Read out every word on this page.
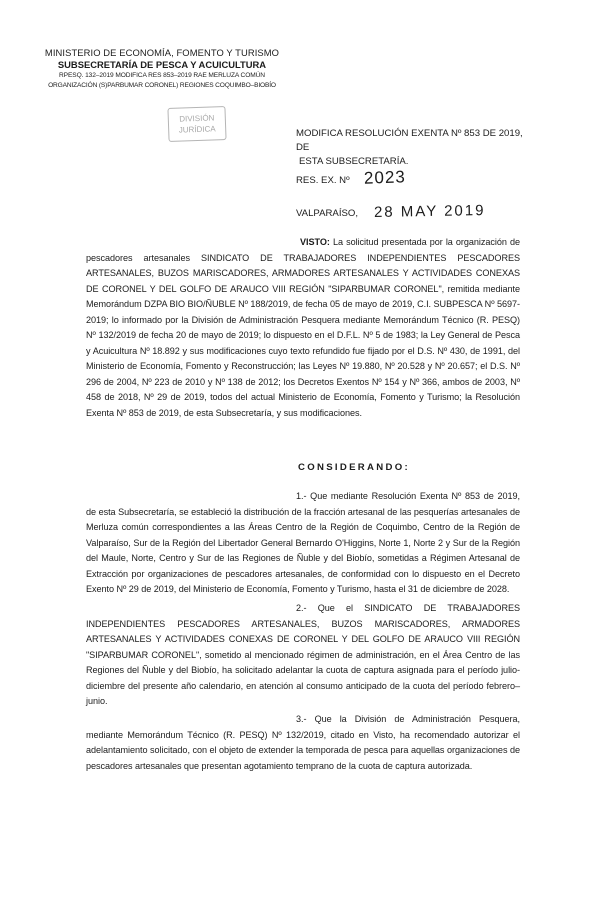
MINISTERIO DE ECONOMÍA, FOMENTO Y TURISMO
SUBSECRETARÍA DE PESCA Y ACUICULTURA
RPESQ. 132–2019 MODIFICA RES 853–2019 RAE MERLUZA COMÚN
ORGANIZACIÓN (S)PARBUMAR CORONEL) REGIONES COQUIMBO–BIOBÍO
DIVISIÓN
JURÍDICA	MODIFICA RESOLUCIÓN EXENTA Nº 853 DE 2019, DE
ESTA SUBSECRETARÍA.
RES. EX. Nº 2023
VALPARAÍSO, 28 MAY 2019
VISTO: La solicitud presentada por la organización de pescadores artesanales SINDICATO DE TRABAJADORES INDEPENDIENTES PESCADORES ARTESANALES, BUZOS MARISCADORES, ARMADORES ARTESANALES Y ACTIVIDADES CONEXAS DE CORONEL Y DEL GOLFO DE ARAUCO VIII REGIÓN "SIPARBUMAR CORONEL", remitida mediante Memorándum DZPA BIO BIO/ÑUBLE Nº 188/2019, de fecha 05 de mayo de 2019, C.I. SUBPESCA Nº 5697-2019; lo informado por la División de Administración Pesquera mediante Memorándum Técnico (R. PESQ) Nº 132/2019 de fecha 20 de mayo de 2019; lo dispuesto en el D.F.L. Nº 5 de 1983; la Ley General de Pesca y Acuicultura Nº 18.892 y sus modificaciones cuyo texto refundido fue fijado por el D.S. Nº 430, de 1991, del Ministerio de Economía, Fomento y Reconstrucción; las Leyes Nº 19.880, Nº 20.528 y Nº 20.657; el D.S. Nº 296 de 2004, Nº 223 de 2010 y Nº 138 de 2012; los Decretos Exentos Nº 154 y Nº 366, ambos de 2003, Nº 458 de 2018, Nº 29 de 2019, todos del actual Ministerio de Economía, Fomento y Turismo; la Resolución Exenta Nº 853 de 2019, de esta Subsecretaría, y sus modificaciones.
CONSIDERANDO:
1.- Que mediante Resolución Exenta Nº 853 de 2019, de esta Subsecretaría, se estableció la distribución de la fracción artesanal de las pesquerías artesanales de Merluza común correspondientes a las Áreas Centro de la Región de Coquimbo, Centro de la Región de Valparaíso, Sur de la Región del Libertador General Bernardo O'Higgins, Norte 1, Norte 2 y Sur de la Región del Maule, Norte, Centro y Sur de las Regiones de Ñuble y del Biobío, sometidas a Régimen Artesanal de Extracción por organizaciones de pescadores artesanales, de conformidad con lo dispuesto en el Decreto Exento Nº 29 de 2019, del Ministerio de Economía, Fomento y Turismo, hasta el 31 de diciembre de 2028.
2.- Que el SINDICATO DE TRABAJADORES INDEPENDIENTES PESCADORES ARTESANALES, BUZOS MARISCADORES, ARMADORES ARTESANALES Y ACTIVIDADES CONEXAS DE CORONEL Y DEL GOLFO DE ARAUCO VIII REGIÓN "SIPARBUMAR CORONEL", sometido al mencionado régimen de administración, en el Área Centro de las Regiones del Ñuble y del Biobío, ha solicitado adelantar la cuota de captura asignada para el período julio-diciembre del presente año calendario, en atención al consumo anticipado de la cuota del período febrero–junio.
3.- Que la División de Administración Pesquera, mediante Memorándum Técnico (R. PESQ) Nº 132/2019, citado en Visto, ha recomendado autorizar el adelantamiento solicitado, con el objeto de extender la temporada de pesca para aquellas organizaciones de pescadores artesanales que presentan agotamiento temprano de la cuota de captura autorizada.
